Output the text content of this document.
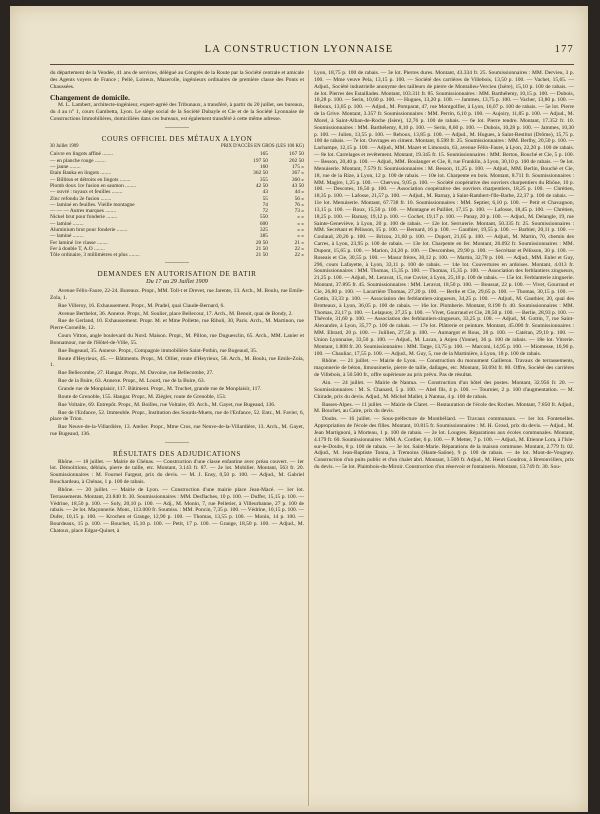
LA CONSTRUCTION LYONNAISE	177

du département de la Vendée, 41 ans de services, délégué au Congrès de la Route par la Société centrale et amicale des Agents voyers de France ; Pellé, Loireux, Mazerolle, ingénieurs ordinaires de première classe des Ponts et Chaussées.

Changement de domicile.

M. L. Lambert, architecte-ingénieur, expert-agréé des Tribunaux, a transféré, à partir du 20 juillet, ses bureaux, du 4 au n° 1, cours Gambetta, Lyon. Le siège social de la Société Dubayle et Cie et de la Société Lyonnaise de Constructions Immobilières, domiciliées dans ces bureaux, est également transféré à cette même adresse.

————
COURS OFFICIEL DES MÉTAUX A LYON
30 Juillet 1909	PRIX D'ACCÈS EN GROS (LES 100 KG)
Cuivre en lingots affiné ........	165	167 50
— en planche rouge ........	197 50	202 50
— jaune ........	160	175 »
Etain Banka en lingots ........	362 50	367 »
— Billiton et détroits en lingots ........	355	360 »
Plomb doux 1re fusion en saumon ........	42 50	43 50
— ouvré : tuyaux et feuilles ........	43	44 »
Zinc refondu 2e fusion ........	55	56 »
— laminé en feuilles. Vieille montagne	74	76 »
— — — Autres marques ........	72	73 »
Nickel brut pour fonderie ........	550	» »
— laminé ........	600	» »
Aluminium brut pour fonderie ........	325	» »
— laminé ........	385	» »
Fer laminé 1re classe ........	20 50	21 »
Fer à double T, A.O ........	21 50	22 »
Tôle ordinaire, 3 millimètres et plus ........	21 50	22 »
————
DEMANDES EN AUTORISATION DE BATIR
Du 17 au 29 Juillet 1909

Avenue Félix-Faure, 22-24. Bureaux. Propr., MM. Toll-t et Drevet, rue Jarente, 13. Arch., M. Boulu, rue Emile-Zola, 1.

Rue Villeroy, 16. Exhaussement. Propr., M. Pradel, quai Claude-Bernard, 6.

Avenue Berthelot, 36. Annexe. Propr., M. Soulier, place Bellecour, 17. Arch., M. Benoit, quai de Bondy, 2.

Rue de Gerland, 10. Exhaussement. Propr. M. et Mme Pollette, rue Riboli, 30, Paris. Arch., M. Martinon, rue Pierre-Corneille, 12.

Cours Vitton, angle boulevard du Nord. Maison. Propr., M. Pillon, rue Duguesclin, 65. Arch., MM. Lanier et Bonnamour, rue de l'Hôtel-de-Ville, 55.

Rue Bugeaud, 35. Annexe. Propr., Compagnie immobilière Saint-Pothin, rue Bugeaud, 35.

Route d'Heyrieux, 45. — Bâtiments. Propr., M. Ollier, route d'Heyrieux, 58. Arch., M. Boulu, rue Emile-Zola, 1.

Rue Bellecombe, 27. Hangar. Propr., M. Davoine, rue Bellecombe, 27.

Rue de la Buire, 63. Annexe. Propr., M. Lourd, rue de la Buire, 63.

Grande rue de Monplaisir, 117. Bâtiment. Propr., M. Truchet, grande rue de Monplaisir, 117.

Route de Grenoble, 155. Hangar. Propr., M. Ziégler, route de Grenoble, 153.

Rue Voltaire, 69. Entrepôt. Propr., M. Boilles, rue Voltaire, 69. Arch., M. Gayet, rue Bugeaud, 136.

Rue de l'Enfance, 52. Immeuble. Propr., Institution des Sourds-Muets, rue de l'Enfance, 52. Entr., M. Favier, 6, place de Trion.

Rue Neuve-de-la-Villardière, 13. Atelier. Propr., Mme Cros, rue Neuve-de-la-Villardière, 13. Arch., M. Gayet, rue Bugeaud, 136.

————
RÉSULTATS DES ADJUDICATIONS

Rhône. — 18 juillet. — Mairie de Chénas. — Construction d'une classe enfantine avec préau couvert. — 1er lot. Démolitions, déblais, pierre de taille, etc. Montant, 3.143 fr. 87. — 2e lot. Mobilier. Montant, 563 fr. 20. Soumissionnaires : M. Fournel Fargeat, prix du devis. — M. J. Ensy, 0,50 p. 100. — Adjud., M. Gabriel Bouchardeau, à Chénas, 1 p. 100 de rabais.

Rhône. — 20 juillet. — Mairie de Lyon. — Construction d'une mairie place Jean-Macé. — 1er lot. Terrassements. Montant, 23.840 fr. 30. Soumissionnaires : MM. Desflaches, 10 p. 100. — Duffer, 15,15 p. 100. — Védrine, 18,50 p. 100. — Soly, 20,10 p. 100. — Adj., M. Monin, 7, rue Pelletier, à Villeurbanne, 27 p. 100 de rabais. — 2e lot. Maçonnerie. Mont., 113.000 fr. Soumiss. : MM. Poncin, 7,35 p. 100. — Védrine, 10,15 p. 100. — Dufer, 10,15 p. 100. — Krochen et Grange, 12,90 p. 100. — Thomas, 13,55 p. 100. — Monin, 14 p. 100. — Bourdeaux, 15 p. 100. — Bouchet, 15,10 p. 100. — Petit, 17 p. 100. — Grange, 18,50 p. 100. — Adjud., M. Chatoux, place Edgar-Quinet, à

Lyon, 18,75 p. 100 de rabais. — 3e lot. Pierres dures. Montant, 43.334 fr. 25. Soumissionnaires : MM. Dervieu, 3 p. 100. — Mme veuve Pela, 13,15 p. 100. — Société des carrières de Villebois, 13,50 p. 100. — Vachet, 15,65. — Adjud., Société industrielle anonyme des tailleurs de pierre de Montalieu-Vercieu (Isère), 15,10 p. 100 de rabais. — 4e lot. Pierres des Estaillades. Montant, 103.311 fr. 85. Soumissionnaires : MM. Barthélemy, 10,15 p. 100. — Dubois, 10,28 p. 100. — Serin, 10,60 p. 100. — Hugues, 13,20 p. 100. — Jammes, 13,75 p. 100. — Vacher, 13,80 p. 100. — Reboux, 13,85 p. 100. — Adjud., M. Pomparat, 47, rue Montgolfier, à Lyon, 16,07 p. 100 de rabais. — 5e lot. Pierre de la Grive. Montant, 3.357 fr. Soumissionnaires : MM. Perrin, 6,10 p. 100. — Aujoiry, 11,85 p. 100. — Adjud., M. Morel, à Saint-Alban-de-Roche (Isère), 12,76 p. 100 de rabais. — 6e lot. Pierre tendre. Montant, 17.352 fr. 10. Soumissionnaires : MM. Barthélemy, 8,10 p. 100. — Serin, 8,60 p. 100. — Dubois, 10,28 p. 100. — Jammes, 10,30 p. 100. — Julien, 13,55 p. 100. — Reboux, 13,85 p. 100. — Adjud., M. Hugues, à Saint-Restitut (Drôme), 15,75 p. 100 de rabais. — 7e lot. Ouvrages en ciment. Montant, 6.598 fr. 25. Soumissionnaires : MM. Berlhy, 20,50 p. 100. — Lachampe, 12,15 p. 100. — Adjud., MM. Mazet et Limousin, 63, avenue Félix-Faure, à Lyon, 22,20 p. 100 de rabais. — 8e lot. Carrelages et revêtement. Montant, 19.345 fr. 15. Soumissionnaires : MM. Berton, Bouché et Cie, 5 p. 100. — Besson, 20,40 p. 100. — Adjud., MM. Boulanger et Cie, 8, rue Franklin, à Lyon, 30,10 p. 100 de rabais. — 9e lot. Menuiserie. Montant, 7.579 fr. Soumissionnaires : M. Besson, 11,25 p. 100. — Adjud., MM. Berlin, Bouché et Cie, 18, rue de la Rize, à Lyon, 12 p. 100 de rabais. — 10e lot. Charpente en bois. Montant, 8.711 fr. Soumissionnaires : MM. Magire, 1,25 p. 100. — Chervou, 9,05 p. 100. — Société coopérative des ouvriers charpentiers du Rhône, 10 p. 100. — Descotes, 16,50 p. 100. — Association coopérative des ouvriers charpentiers, 18,25 p. 100. — Chrétien, 18,35 p. 100. — Lafosse, 21,57 p. 100. — Adjud., M. Barnay, à Saint-Rambert-l'Ile-Barbe, 22,37 p. 100 de rabais. — 11e lot. Menuiserie. Montant, 67.738 fr. 10. Soumissionnaires : MM. Septier, 6,10 p. 100. — Petit et Chavagnon, 13,15 p. 100. — Roux, 15,50 p. 100. — Montagne et Pailliet, 17,15 p. 100. — Lafosse, 18,45 p. 100. — Chrétien, 18,25 p. 100. — Barnay, 19,12 p. 100. — Cochet, 19,17 p. 100. — Panay, 20 p. 100. — Adjud., M. Delangle, 19, rue Sainte-Geneviève, à Lyon, 20 p. 100 de rabais. — 12e lot. Serrurerie. Montant, 50.335 fr. 25. Soumissionnaires : MM. Secrétant et Pélisson, 15 p. 100. — Bernard, 16 p. 100. — Gauthier, 19,55 p. 100. — Barbier, 20,11 p. 100. — Coulaud, 20,26 p. 100. — Brizou, 21,60 p. 100. — Duport, 21,65 p. 100. — Adjud., M. Martin, 70, chemin des Carres, à Lyon, 23,95 p. 100 de rabais. — 13e lot. Charpente en fer. Montant, 26.092 fr. Soumissionnaires : MM. Dupont, 15,65 p. 100. — Marion, 24,20 p. 100. — Descombes, 29,90 p. 100. — Secrétant et Pélisson, 30 p. 100. — Roseais et Cie, 30,55 p. 100. — Masur frères, 30,12 p. 100. — Martin, 32,70 p. 100. — Adjud., MM. Enler et Guy, 296, cours Lafayette, à Lyon, 33,11 p. 100 de rabais. — 14e lot. Couvertures en ardoises. Montant, 4.013 fr. Soumissionnaires : MM. Thomas, 15,35 p. 100. — Thomas, 15,35 p. 100. — Association des ferblantiers zingueurs, 21,25 p. 100. — Adjud., M. Leravat, 15, rue Cuvier, à Lyon, 25,10 p. 100 de rabais. — 15e lot. Ferblanterie zinguerie. Montant, 37.895 fr. 45. Soumissionnaires : MM. Leravat, 18,50 p. 100. — Boussat, 22 p. 100. — Vivet, Gourraud et Cie, 26,80 p. 100. — Lacarrière Thomas, 27,20 p. 100. — Berlie et Cie, 29,65 p. 100. — Thomas, 30,15 p. 100. — Gottin, 33,33 p. 100. — Association des ferblantiers-zingueurs, 34,25 p. 100. — Adjud., M. Gauthier, 20, quai des Brotteaux, à Lyon, 36,05 p. 100 de rabais. — 16e lot. Plomberie. Montant, 8.190 fr. 40. Soumissionnaires : MM. Thomas, 23,17 p. 100. — Lelapuoy, 27,25 p. 100. — Vivet, Gourraud et Cie, 28,50 p. 100. — Berlie, 28,93 p. 100. — Thévole, 31,60 p. 100. — Association des ferblantiers-zingueurs, 33,25 p. 100. — Adjud., M. Gottin, 7, rue Saint-Alexandre, à Lyon, 35,77 p. 100 de rabais. — 17e lot. Plâtrerie et peinture. Montant, 45.000 fr. Soumissionnaires : MM. Ebrard, 20 p. 100. — Juillien, 27,50 p. 100. — Aumargot et Rous, 28 p. 100. — Catéran, 29,10 p. 100. — Union Lyonnaise, 33,50 p. 100. — Adjud., M. Lacan, à Anjeu (Yonne), 36 p. 100 de rabais. — 18e lot. Vitrerie. Montant, 1.808 fr. 20. Soumissionnaires : MM. Targe, 13,75 p. 100. — Marconi, 14,95 p. 100. — Miomesse, 16,90 p. 100. — Chauliac, 17,55 p. 100. — Adjud., M. Guy, 5, rue de la Martinière, à Lyon, 18 p. 100 de rabais.

Rhône. — 21 juillet. — Mairie de Lyon. — Construction du monument Gailleton. Travaux de terrassements, maçonnerie de béton, limousinerie, pierre de taille, dallages, etc. Montant, 50.094 fr. 80. Offre, Société des carrières de Villebois, à 50.500 fr., offre supérieure au prix prévu. Pas de résultat.

Ain. — 24 juillet. — Mairie de Nantua. — Construction d'un hôtel des postes. Montant, 32.956 fr. 20. — Soumissionnaires : M. S. Chanard, 5 p. 100. — Abel fils, 4 p. 100. — Tournier, 2 p. 100 d'augmentation. — M. Chirade, prix du devis. Adjud., M. Michel Mallet, à Nantua, 4 p. 100 de rabais.

Basses-Alpes. — 11 juillet. — Mairie de Claret. — Restauration de l'école des Roches. Montant, 7.850 fr. Adjud., M. Bouchet, au Caire, prix du devis.

Doubs. — 16 juillet. — Sous-préfecture de Montbéliard. — Travaux communaux. — 1er lot. Fontenelles. Appropriation de l'école des filles. Montant, 10.815 fr. Soumissionnaires : M. H. Grosd, prix du devis. — Adjud., M. Jean Martignoni, à Morteau, 1 p. 100 de rabais. — 2e lot. Lougres. Réparations aux écoles communales. Montant, 4.179 fr. 60. Soumissionnaires : MM. A. Cordier, 6 p. 100. — P. Metter, 7 p. 100. — Adjud., M. Etienne Lora, à l'Isle-sur-le-Doubs, 8 p. 100 de rabais. — 3e lot. Saint-Marie. Réparations de la maison commune. Montant, 2.779 fr. 02. Adjud., M. Jean-Baptiste Tonna, à Tremoins (Haute-Saône), 9 p. 100 de rabais. — 4e lot. Mont-de-Vougney. Construction d'un puits public et d'un chalet abri. Montant, 3.500 fr. Adjud., M. Henri Goudron, à Bretonvillers, prix du devis. — 5e lot. Plaimbois-du-Miroir. Construction d'un réservoir et fontaineris. Montant, 13.749 fr. 30. Sou-
